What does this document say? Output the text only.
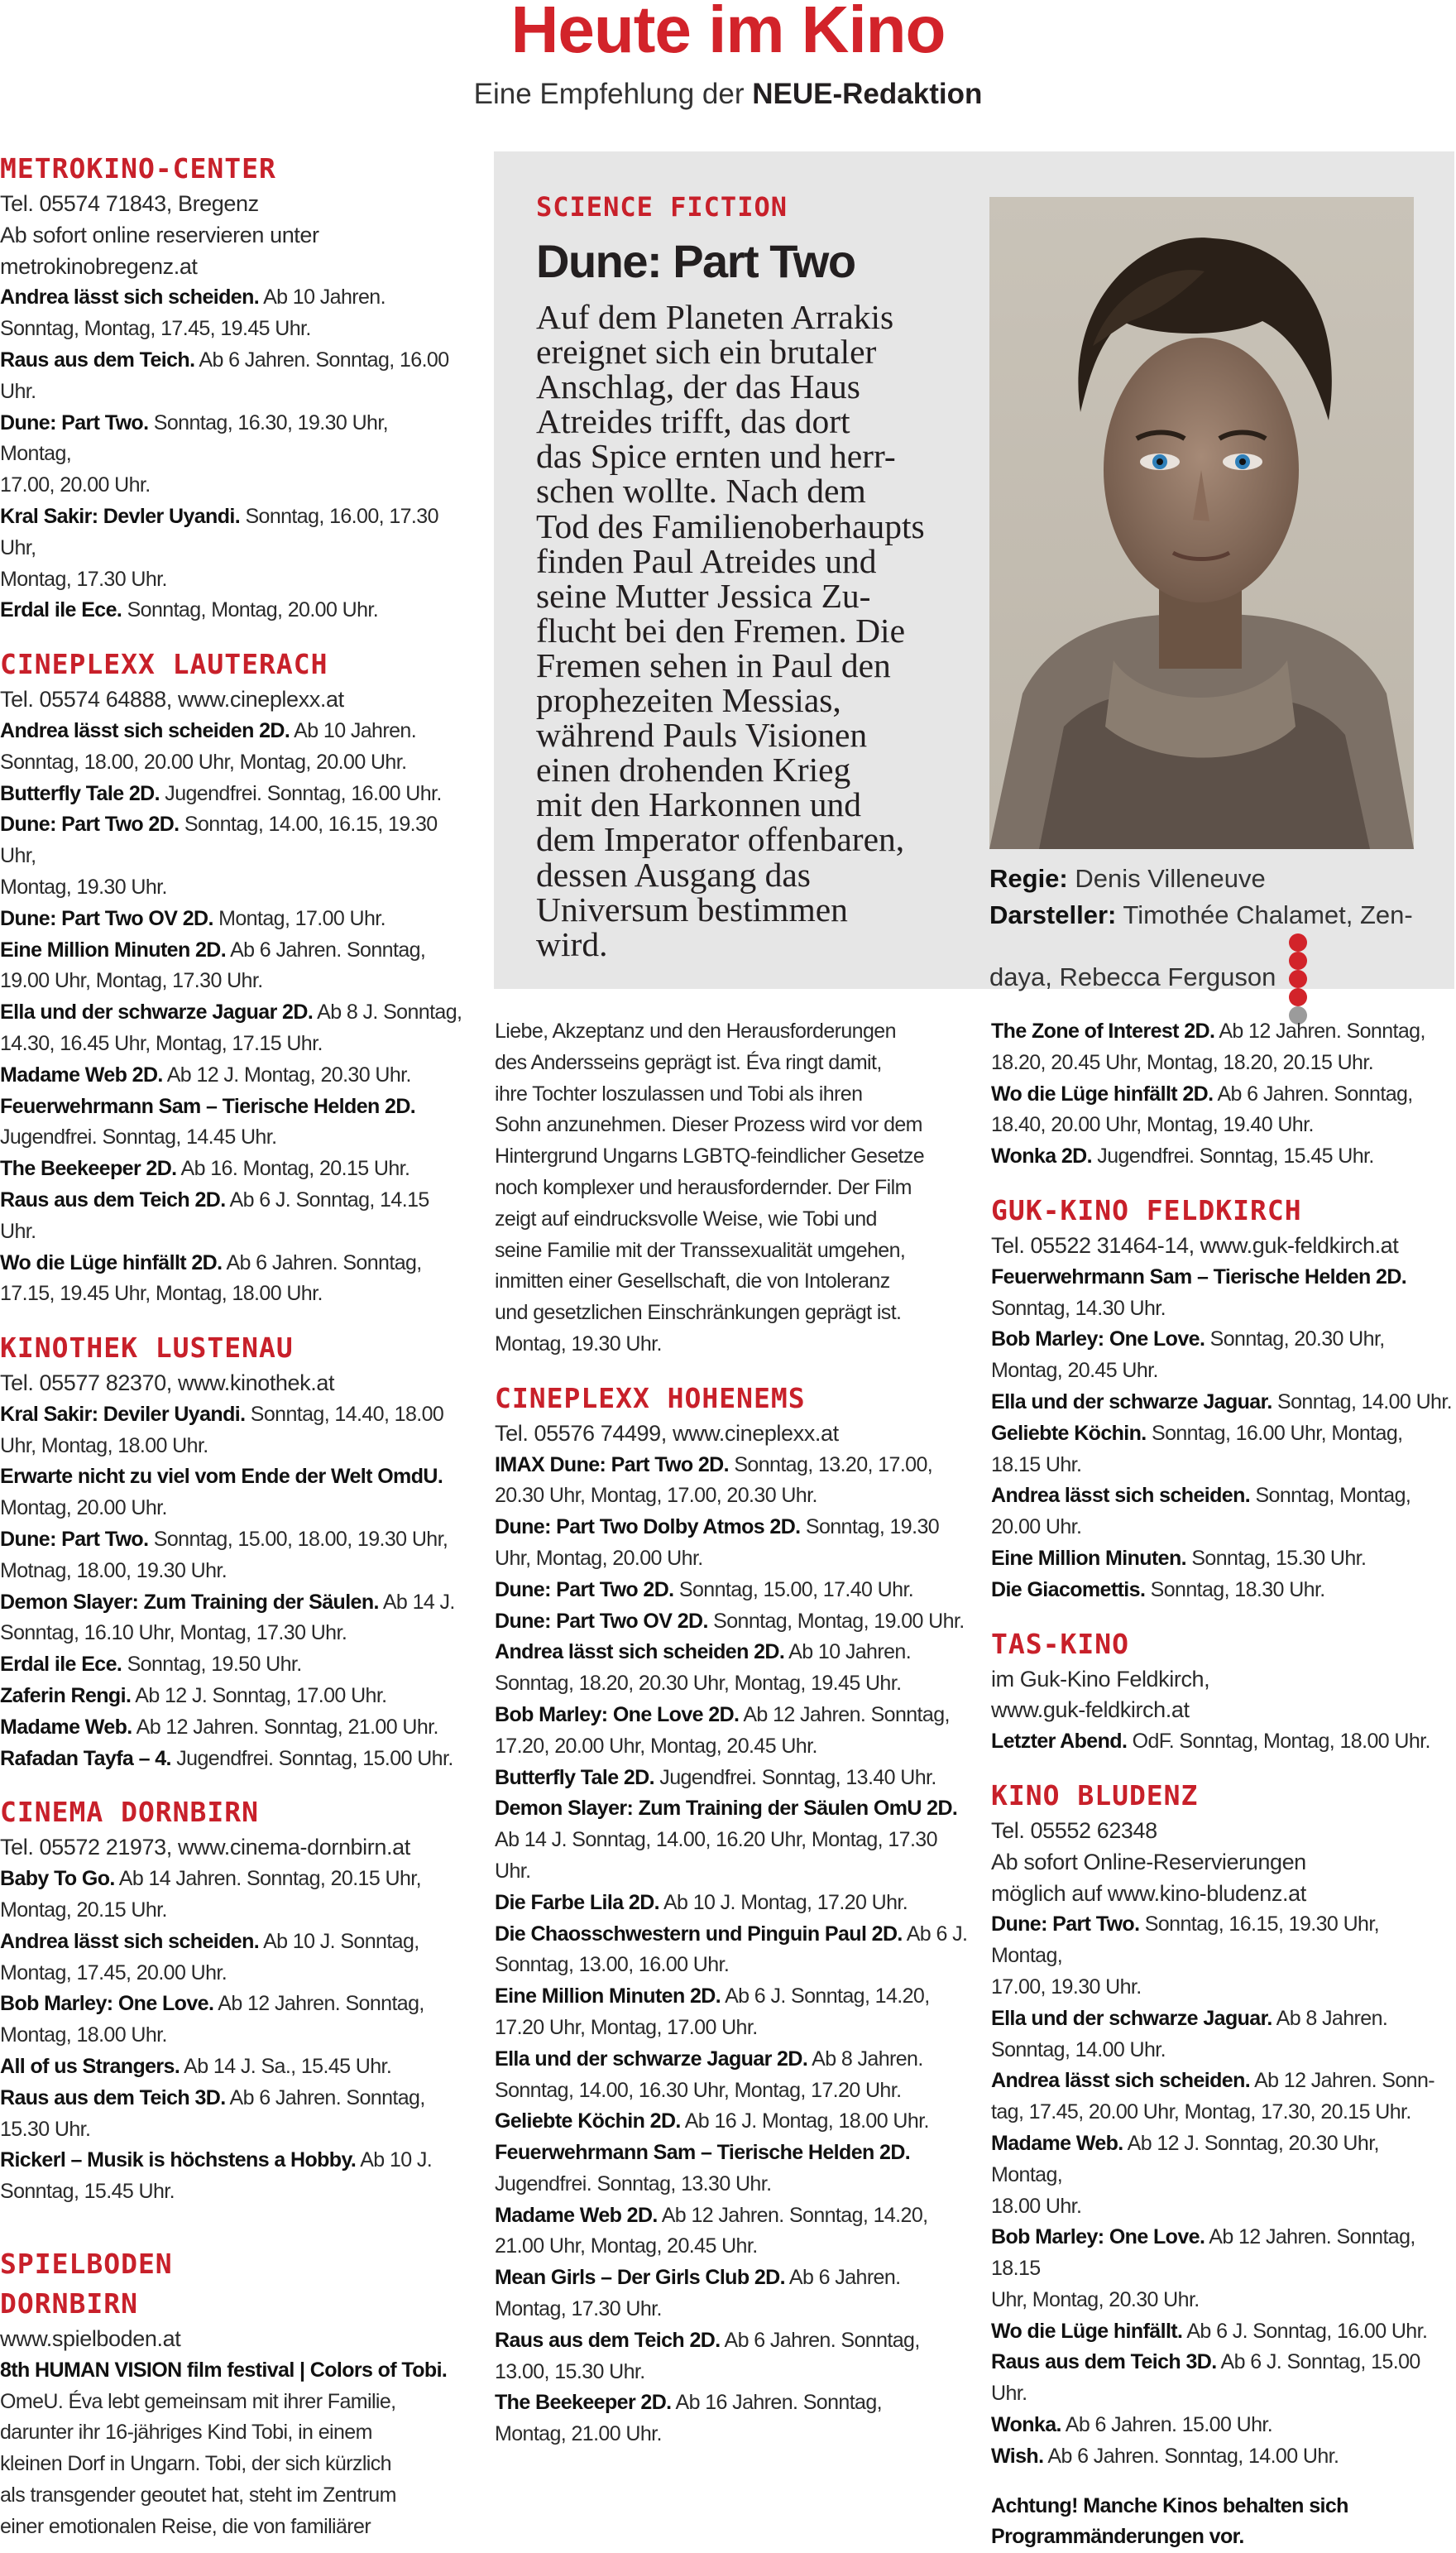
Heute im Kino
Eine Empfehlung der NEUE-Redaktion
METROKINO-CENTER
Tel. 05574 71843, Bregenz
Ab sofort online reservieren unter
metrokinobregenz.at
Andrea lässt sich scheiden. Ab 10 Jahren.
Sonntag, Montag, 17.45, 19.45 Uhr.
Raus aus dem Teich. Ab 6 Jahren. Sonntag, 16.00
Uhr.
Dune: Part Two. Sonntag, 16.30, 19.30 Uhr, Montag,
17.00, 20.00 Uhr.
Kral Sakir: Devler Uyandi. Sonntag, 16.00, 17.30 Uhr,
Montag, 17.30 Uhr.
Erdal ile Ece. Sonntag, Montag, 20.00 Uhr.
CINEPLEXX LAUTERACH
Tel. 05574 64888, www.cineplexx.at
Andrea lässt sich scheiden 2D. Ab 10 Jahren.
Sonntag, 18.00, 20.00 Uhr, Montag, 20.00 Uhr.
Butterfly Tale 2D. Jugendfrei. Sonntag, 16.00 Uhr.
Dune: Part Two 2D. Sonntag, 14.00, 16.15, 19.30 Uhr,
Montag, 19.30 Uhr.
Dune: Part Two OV 2D. Montag, 17.00 Uhr.
Eine Million Minuten 2D. Ab 6 Jahren. Sonntag,
19.00 Uhr, Montag, 17.30 Uhr.
Ella und der schwarze Jaguar 2D. Ab 8 J. Sonntag,
14.30, 16.45 Uhr, Montag, 17.15 Uhr.
Madame Web 2D. Ab 12 J. Montag, 20.30 Uhr.
Feuerwehrmann Sam – Tierische Helden 2D.
Jugendfrei. Sonntag, 14.45 Uhr.
The Beekeeper 2D. Ab 16. Montag, 20.15 Uhr.
Raus aus dem Teich 2D. Ab 6 J. Sonntag, 14.15 Uhr.
Wo die Lüge hinfällt 2D. Ab 6 Jahren. Sonntag,
17.15, 19.45 Uhr, Montag, 18.00 Uhr.
KINOTHEK LUSTENAU
Tel. 05577 82370, www.kinothek.at
Kral Sakir: Deviler Uyandi. Sonntag, 14.40, 18.00
Uhr, Montag, 18.00 Uhr.
Erwarte nicht zu viel vom Ende der Welt OmdU.
Montag, 20.00 Uhr.
Dune: Part Two. Sonntag, 15.00, 18.00, 19.30 Uhr,
Motnag, 18.00, 19.30 Uhr.
Demon Slayer: Zum Training der Säulen. Ab 14 J.
Sonntag, 16.10 Uhr, Montag, 17.30 Uhr.
Erdal ile Ece. Sonntag, 19.50 Uhr.
Zaferin Rengi. Ab 12 J. Sonntag, 17.00 Uhr.
Madame Web. Ab 12 Jahren. Sonntag, 21.00 Uhr.
Rafadan Tayfa – 4. Jugendfrei. Sonntag, 15.00 Uhr.
CINEMA DORNBIRN
Tel. 05572 21973, www.cinema-dornbirn.at
Baby To Go. Ab 14 Jahren. Sonntag, 20.15 Uhr,
Montag, 20.15 Uhr.
Andrea lässt sich scheiden. Ab 10 J. Sonntag,
Montag, 17.45, 20.00 Uhr.
Bob Marley: One Love. Ab 12 Jahren. Sonntag,
Montag, 18.00 Uhr.
All of us Strangers. Ab 14 J. Sa., 15.45 Uhr.
Raus aus dem Teich 3D. Ab 6 Jahren. Sonntag,
15.30 Uhr.
Rickerl – Musik is höchstens a Hobby. Ab 10 J.
Sonntag, 15.45 Uhr.
SPIELBODEN
DORNBIRN
www.spielboden.at
8th HUMAN VISION film festival | Colors of Tobi.
OmeU. Éva lebt gemeinsam mit ihrer Familie,
darunter ihr 16-jähriges Kind Tobi, in einem
kleinen Dorf in Ungarn. Tobi, der sich kürzlich
als transgender geoutet hat, steht im Zentrum
einer emotionalen Reise, die von familiärer
SCIENCE FICTION
Dune: Part Two
Auf dem Planeten Arrakis
ereignet sich ein brutaler
Anschlag, der das Haus
Atreides trifft, das dort
das Spice ernten und herr-
schen wollte. Nach dem
Tod des Familienoberhaupts
finden Paul Atreides und
seine Mutter Jessica Zu-
flucht bei den Fremen. Die
Fremen sehen in Paul den
prophezeiten Messias,
während Pauls Visionen
einen drohenden Krieg
mit den Harkonnen und
dem Imperator offenbaren,
dessen Ausgang das
Universum bestimmen
wird.
Regie: Denis Villeneuve
Darsteller: Timothée Chalamet, Zen-
daya, Rebecca Ferguson
Liebe, Akzeptanz und den Herausforderungen
des Andersseins geprägt ist. Éva ringt damit,
ihre Tochter loszulassen und Tobi als ihren
Sohn anzunehmen. Dieser Prozess wird vor dem
Hintergrund Ungarns LGBTQ-feindlicher Gesetze
noch komplexer und herausfordernder. Der Film
zeigt auf eindrucksvolle Weise, wie Tobi und
seine Familie mit der Transsexualität umgehen,
inmitten einer Gesellschaft, die von Intoleranz
und gesetzlichen Einschränkungen geprägt ist.
Montag, 19.30 Uhr.
CINEPLEXX HOHENEMS
Tel. 05576 74499, www.cineplexx.at
IMAX Dune: Part Two 2D. Sonntag, 13.20, 17.00,
20.30 Uhr, Montag, 17.00, 20.30 Uhr.
Dune: Part Two Dolby Atmos 2D. Sonntag, 19.30
Uhr, Montag, 20.00 Uhr.
Dune: Part Two 2D. Sonntag, 15.00, 17.40 Uhr.
Dune: Part Two OV 2D. Sonntag, Montag, 19.00 Uhr.
Andrea lässt sich scheiden 2D. Ab 10 Jahren.
Sonntag, 18.20, 20.30 Uhr, Montag, 19.45 Uhr.
Bob Marley: One Love 2D. Ab 12 Jahren. Sonntag,
17.20, 20.00 Uhr, Montag, 20.45 Uhr.
Butterfly Tale 2D. Jugendfrei. Sonntag, 13.40 Uhr.
Demon Slayer: Zum Training der Säulen OmU 2D.
Ab 14 J. Sonntag, 14.00, 16.20 Uhr, Montag, 17.30 Uhr.
Die Farbe Lila 2D. Ab 10 J. Montag, 17.20 Uhr.
Die Chaosschwestern und Pinguin Paul 2D. Ab 6 J.
Sonntag, 13.00, 16.00 Uhr.
Eine Million Minuten 2D. Ab 6 J. Sonntag, 14.20,
17.20 Uhr, Montag, 17.00 Uhr.
Ella und der schwarze Jaguar 2D. Ab 8 Jahren.
Sonntag, 14.00, 16.30 Uhr, Montag, 17.20 Uhr.
Geliebte Köchin 2D. Ab 16 J. Montag, 18.00 Uhr.
Feuerwehrmann Sam – Tierische Helden 2D.
Jugendfrei. Sonntag, 13.30 Uhr.
Madame Web 2D. Ab 12 Jahren. Sonntag, 14.20,
21.00 Uhr, Montag, 20.45 Uhr.
Mean Girls – Der Girls Club 2D. Ab 6 Jahren.
Montag, 17.30 Uhr.
Raus aus dem Teich 2D. Ab 6 Jahren. Sonntag,
13.00, 15.30 Uhr.
The Beekeeper 2D. Ab 16 Jahren. Sonntag,
Montag, 21.00 Uhr.
The Zone of Interest 2D. Ab 12 Jahren. Sonntag,
18.20, 20.45 Uhr, Montag, 18.20, 20.15 Uhr.
Wo die Lüge hinfällt 2D. Ab 6 Jahren. Sonntag,
18.40, 20.00 Uhr, Montag, 19.40 Uhr.
Wonka 2D. Jugendfrei. Sonntag, 15.45 Uhr.
GUK-KINO FELDKIRCH
Tel. 05522 31464-14, www.guk-feldkirch.at
Feuerwehrmann Sam – Tierische Helden 2D.
Sonntag, 14.30 Uhr.
Bob Marley: One Love. Sonntag, 20.30 Uhr,
Montag, 20.45 Uhr.
Ella und der schwarze Jaguar. Sonntag, 14.00 Uhr.
Geliebte Köchin. Sonntag, 16.00 Uhr, Montag,
18.15 Uhr.
Andrea lässt sich scheiden. Sonntag, Montag,
20.00 Uhr.
Eine Million Minuten. Sonntag, 15.30 Uhr.
Die Giacomettis. Sonntag, 18.30 Uhr.
TAS-KINO
im Guk-Kino Feldkirch,
www.guk-feldkirch.at
Letzter Abend. OdF. Sonntag, Montag, 18.00 Uhr.
KINO BLUDENZ
Tel. 05552 62348
Ab sofort Online-Reservierungen
möglich auf www.kino-bludenz.at
Dune: Part Two. Sonntag, 16.15, 19.30 Uhr, Montag,
17.00, 19.30 Uhr.
Ella und der schwarze Jaguar. Ab 8 Jahren.
Sonntag, 14.00 Uhr.
Andrea lässt sich scheiden. Ab 12 Jahren. Sonn-
tag, 17.45, 20.00 Uhr, Montag, 17.30, 20.15 Uhr.
Madame Web. Ab 12 J. Sonntag, 20.30 Uhr, Montag,
18.00 Uhr.
Bob Marley: One Love. Ab 12 Jahren. Sonntag, 18.15
Uhr, Montag, 20.30 Uhr.
Wo die Lüge hinfällt. Ab 6 J. Sonntag, 16.00 Uhr.
Raus aus dem Teich 3D. Ab 6 J. Sonntag, 15.00 Uhr.
Wonka. Ab 6 Jahren. 15.00 Uhr.
Wish. Ab 6 Jahren. Sonntag, 14.00 Uhr.
Achtung! Manche Kinos behalten sich
Programmänderungen vor.
